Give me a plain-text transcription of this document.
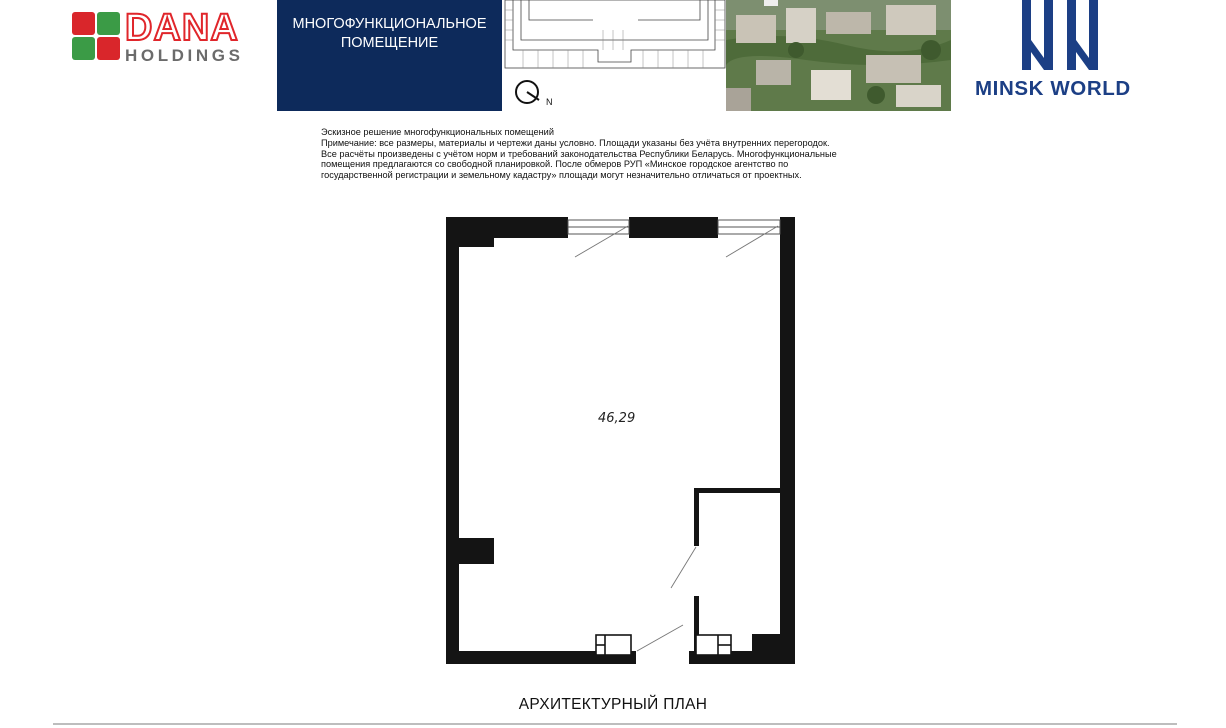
DANA
HOLDINGS
МНОГОФУНКЦИОНАЛЬНОЕ
ПОМЕЩЕНИЕ
N
MINSK WORLD
Эскизное решение многофункциональных помещений
Примечание: все размеры, материалы и чертежи даны условно. Площади указаны без учёта внутренних перегородок.
Все расчёты произведены с учётом норм и требований законодательства Республики Беларусь. Многофункциональные
помещения предлагаются со свободной планировкой. После обмеров РУП «Минское городское агентство по
государственной регистрации и земельному кадастру» площади могут незначительно отличаться от проектных.
46,29
АРХИТЕКТУРНЫЙ ПЛАН
